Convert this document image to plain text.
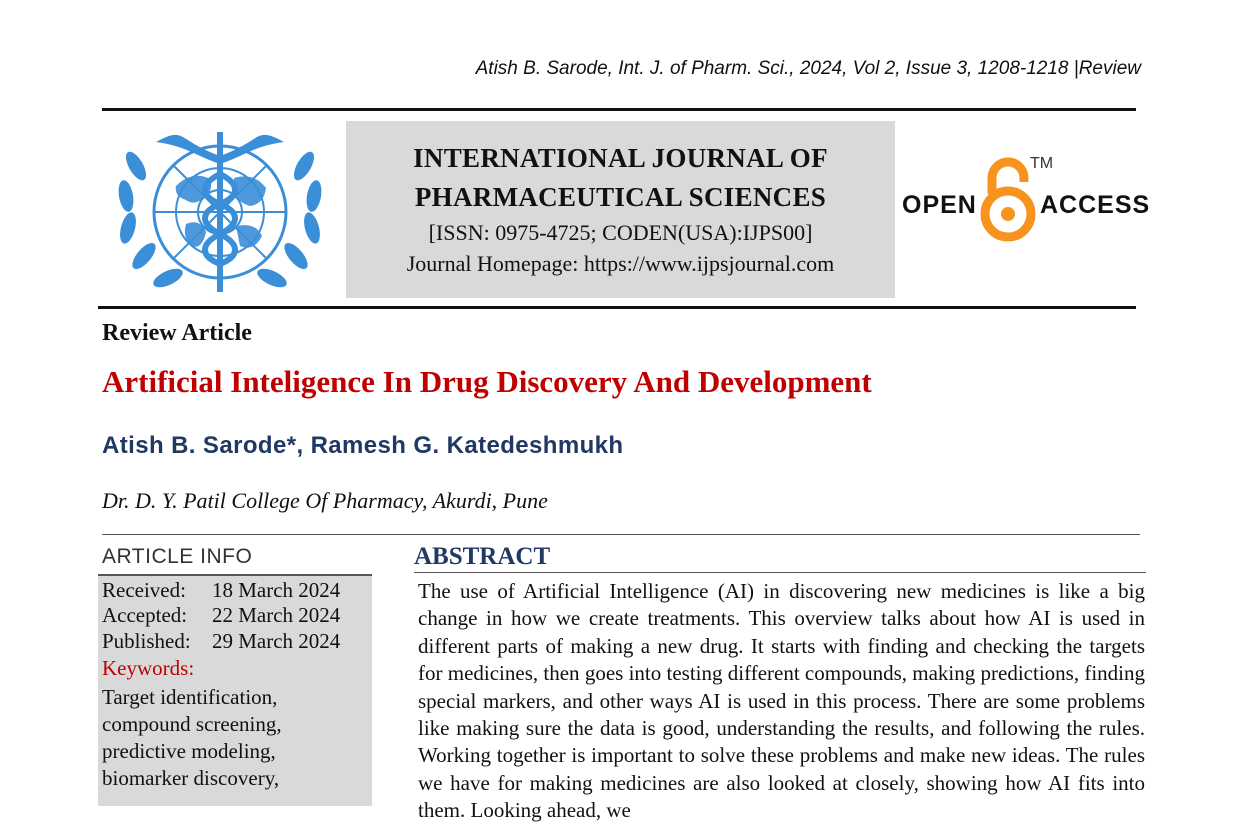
Atish B. Sarode, Int. J. of Pharm. Sci., 2024, Vol 2, Issue 3, 1208-1218 |Review
INTERNATIONAL JOURNAL OF
PHARMACEUTICAL SCIENCES
[ISSN: 0975-4725; CODEN(USA):IJPS00]
Journal Homepage: https://www.ijpsjournal.com
OPEN
TM
ACCESS
Review Article
Artificial Inteligence In Drug Discovery And Development
Atish B. Sarode*, Ramesh G. Katedeshmukh
Dr. D. Y. Patil College Of Pharmacy, Akurdi, Pune
ARTICLE INFO
Received: 18 March 2024
Accepted: 22 March 2024
Published: 29 March 2024
Keywords:
Target identification,
compound screening,
predictive modeling,
biomarker discovery,
ABSTRACT
The use of Artificial Intelligence (AI) in discovering new medicines is like a big change in how we create treatments. This overview talks about how AI is used in different parts of making a new drug. It starts with finding and checking the targets for medicines, then goes into testing different compounds, making predictions, finding special markers, and other ways AI is used in this process. There are some problems like making sure the data is good, understanding the results, and following the rules. Working together is important to solve these problems and make new ideas. The rules we have for making medicines are also looked at closely, showing how AI fits into them. Looking ahead, we
